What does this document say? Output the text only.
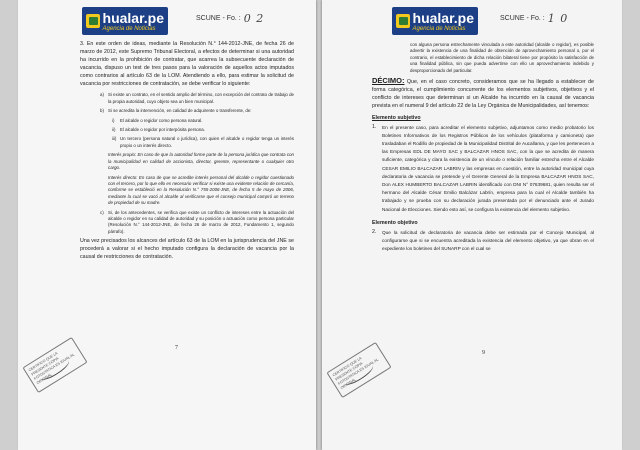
hualar.pe
Agencia de Noticias
SCUNE - Fo. : 0 2

3. En este orden de ideas, mediante la Resolución N.° 144-2012-JNE, de fecha 26 de marzo de 2012, este Supremo Tribunal Electoral, a efectos de determinar si una autoridad ha incurrido en la prohibición de contratar, que acarrea la subsecuente declaración de vacancia, dispuso un test de tres pasos para la valoración de aquellos actos imputados como contrarios al artículo 63 de la LOM. Atendiendo a ello, para estimar la solicitud de vacancia por restricciones de contratación, se debe verificar lo siguiente:

a) Si existe un contrato, en el sentido amplio del término, con excepción del contrato de trabajo de la propia autoridad, cuyo objeto sea un bien municipal.

b) Si se acredita la intervención, en calidad de adquirente o transferente, de:

i)	El alcalde o regidor como persona natural.

ii)	El alcalde o regidor por interpósita persona.

iii) Un tercero (persona natural o jurídica), con quien el alcalde o regidor tenga un interés propio o un interés directo.

Interés propio: En caso de que la autoridad forme parte de la persona jurídica que contrata con la municipalidad en calidad de accionista, director, gerente, representante o cualquier otro cargo.

Interés directo: En caso de que se acredite interés personal del alcalde o regidor cuestionado con el tercero, por lo que ello es necesario verificar si existe una evidente relación de cercanía, conforme se estableció en la Resolución N.° 755-2006-JNE, de fecha 5 de mayo de 2006, mediante la cual se vacó al alcalde al verificarse que el consejo municipal compró un terreno de propiedad de su madre.

c) Si, de los antecedentes, se verifica que existe un conflicto de intereses entre la actuación del alcalde o regidor en su calidad de autoridad y su posición o actuación como persona particular (Resolución N.° 144-2012-JNE, de fecha 26 de marzo de 2012, Fundamento 1, segundo párrafo).

Una vez precisados los alcances del artículo 63 de la LOM en la jurisprudencia del JNE se procederá a valorar si el hecho imputado configura la declaración de vacancia por la causal de restricciones de contratación.

CERTIFICO QUE LA PRESENTE COPIA FOTOSTATICA ES IGUAL AL ORIGINAL
7
hualar.pe
Agencia de Noticias
SCUNE - Fo. : 1 0

con alguna persona estrechamente vinculada a este autoridad (alcalde o regidor), es posible advertir la existencia de una finalidad de obtención de aprovechamiento personal o, por el contrario, el establecimiento de dicha relación bilateral tiene por propósito la satisfacción de una finalidad pública, sin que pueda advertirse con ello un aprovechamiento indebido y desproporcionado del particular.

DÉCIMO: Que, en el caso concreto, consideramos que se ha llegado a establecer de forma categórica, el cumplimiento concurrente de los elementos subjetivos, objetivos y el conflicto de intereses que determinan si un Alcalde ha incurrido en la causal de vacancia prevista en el numeral 9 del artículo 22 de la Ley Orgánica de Municipalidades, así tenemos:

Elemento subjetivo
1.	En el presente caso, para acreditar el elemento subjetivo, adjuntamos como medio probatorio los Boletines Informativos de los Registros Públicos de los vehículos (plataforma y camioneta) que trasladaban el Rodillo de propiedad de la Municipalidad Distrital de Aucallama, y que les pertenecen a las Empresas EDL DE MAYO SAC y BALCAZAR HNOS SAC, con la que se acredita de manera suficiente, categórica y clara la existencia de un vínculo o relación familiar estrecha entre el Alcalde CESAR EMILIO BALCAZAR LABRIN y las empresas en cuestión, entre la autoridad municipal cuya declaratoria de vacancia se pretende y el Gerente General de la Empresa BALCAZAR HNOS SAC, Don ALEX HUMBERTO BALCAZAR LABRIN identificado con DNI N° 07639681, quien resulta ser el hermano del Alcalde César Emilio Balcázar Labrín, empresa para la cual el Alcalde también ha trabajado y se prueba con su declaración jurada presentada por el denunciado ante el Jurado Nacional de Elecciones. Siendo esto así, se configura la existencia del elemento subjetivo.

Elemento objetivo
2.	Que la solicitud de declaratoria de vacancia debe ser estimada por el Concejo Municipal, al configurarse que si se encuentra acreditada la existencia del elemento objetivo, ya que obran en el expediente los boletines del SUNARP con el cual se

CERTIFICO QUE LA PRESENTE COPIA FOTOSTATICA ES IGUAL AL ORIGINAL
9
